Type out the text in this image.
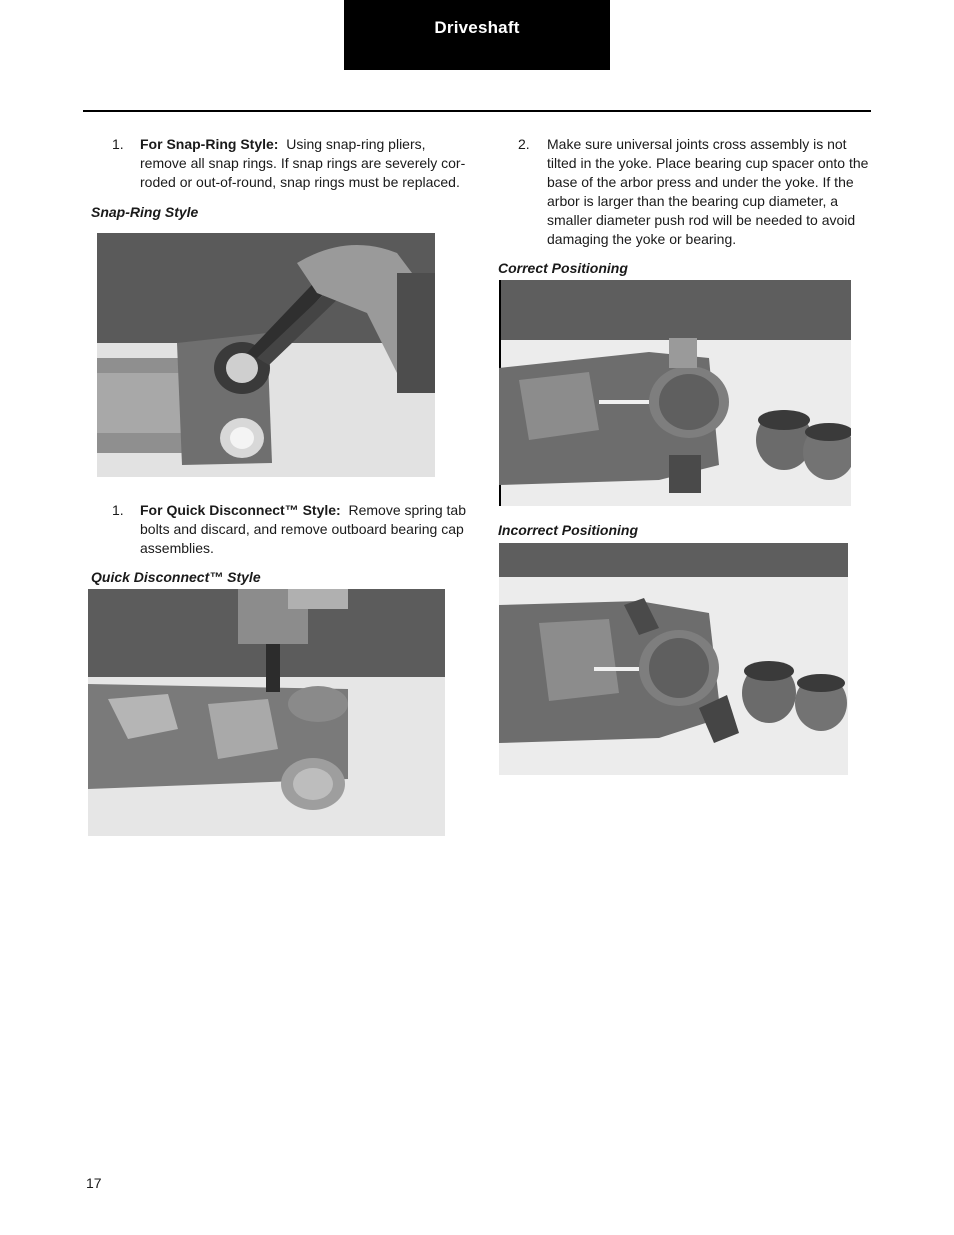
Driveshaft
1. For Snap-Ring Style: Using snap-ring pliers,
remove all snap rings. If snap rings are severely cor-
roded or out-of-round, snap rings must be replaced.
Snap-Ring Style
1. For Quick Disconnect™ Style: Remove spring tab
bolts and discard, and remove outboard bearing cap
assemblies.
Quick Disconnect™ Style
2. Make sure universal joints cross assembly is not
tilted in the yoke. Place bearing cup spacer onto the
base of the arbor press and under the yoke. If the
arbor is larger than the bearing cup diameter, a
smaller diameter push rod will be needed to avoid
damaging the yoke or bearing.
Correct Positioning
Incorrect Positioning
17
